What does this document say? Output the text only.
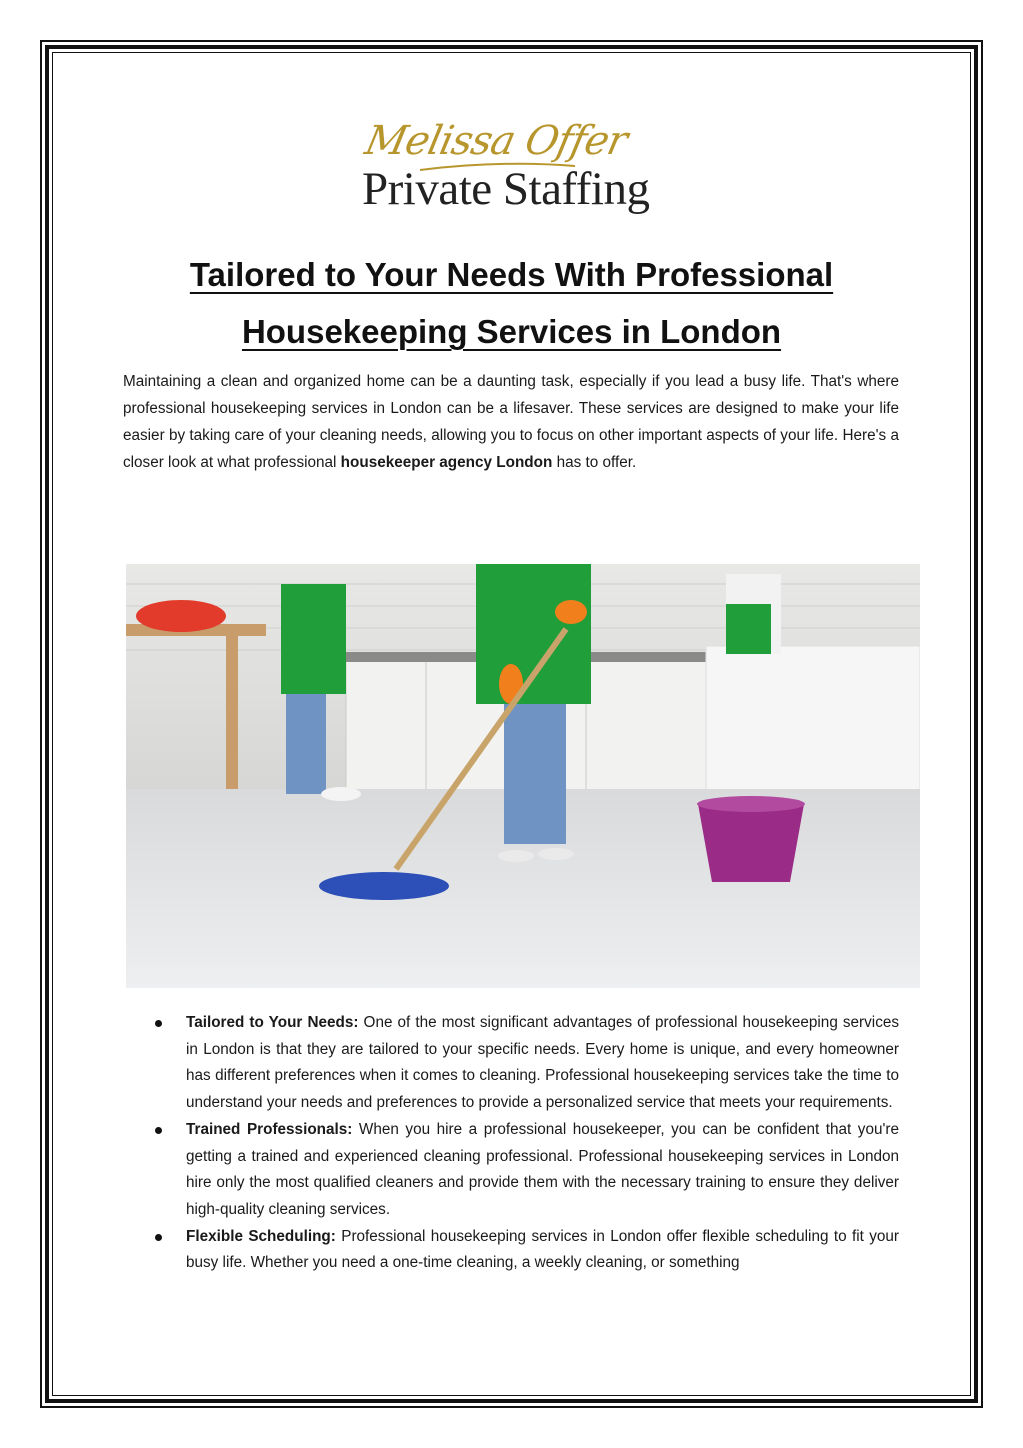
Melissa Offer
Private Staffing
Tailored to Your Needs With Professional
Housekeeping Services in London

Maintaining a clean and organized home can be a daunting task, especially if you lead a busy life. That's where professional housekeeping services in London can be a lifesaver. These services are designed to make your life easier by taking care of your cleaning needs, allowing you to focus on other important aspects of your life. Here's a closer look at what professional housekeeper agency London has to offer.

Tailored to Your Needs: One of the most significant advantages of professional housekeeping services in London is that they are tailored to your specific needs. Every home is unique, and every homeowner has different preferences when it comes to cleaning. Professional housekeeping services take the time to understand your needs and preferences to provide a personalized service that meets your requirements.
Trained Professionals: When you hire a professional housekeeper, you can be confident that you're getting a trained and experienced cleaning professional. Professional housekeeping services in London hire only the most qualified cleaners and provide them with the necessary training to ensure they deliver high-quality cleaning services.
Flexible Scheduling: Professional housekeeping services in London offer flexible scheduling to fit your busy life. Whether you need a one-time cleaning, a weekly cleaning, or something
